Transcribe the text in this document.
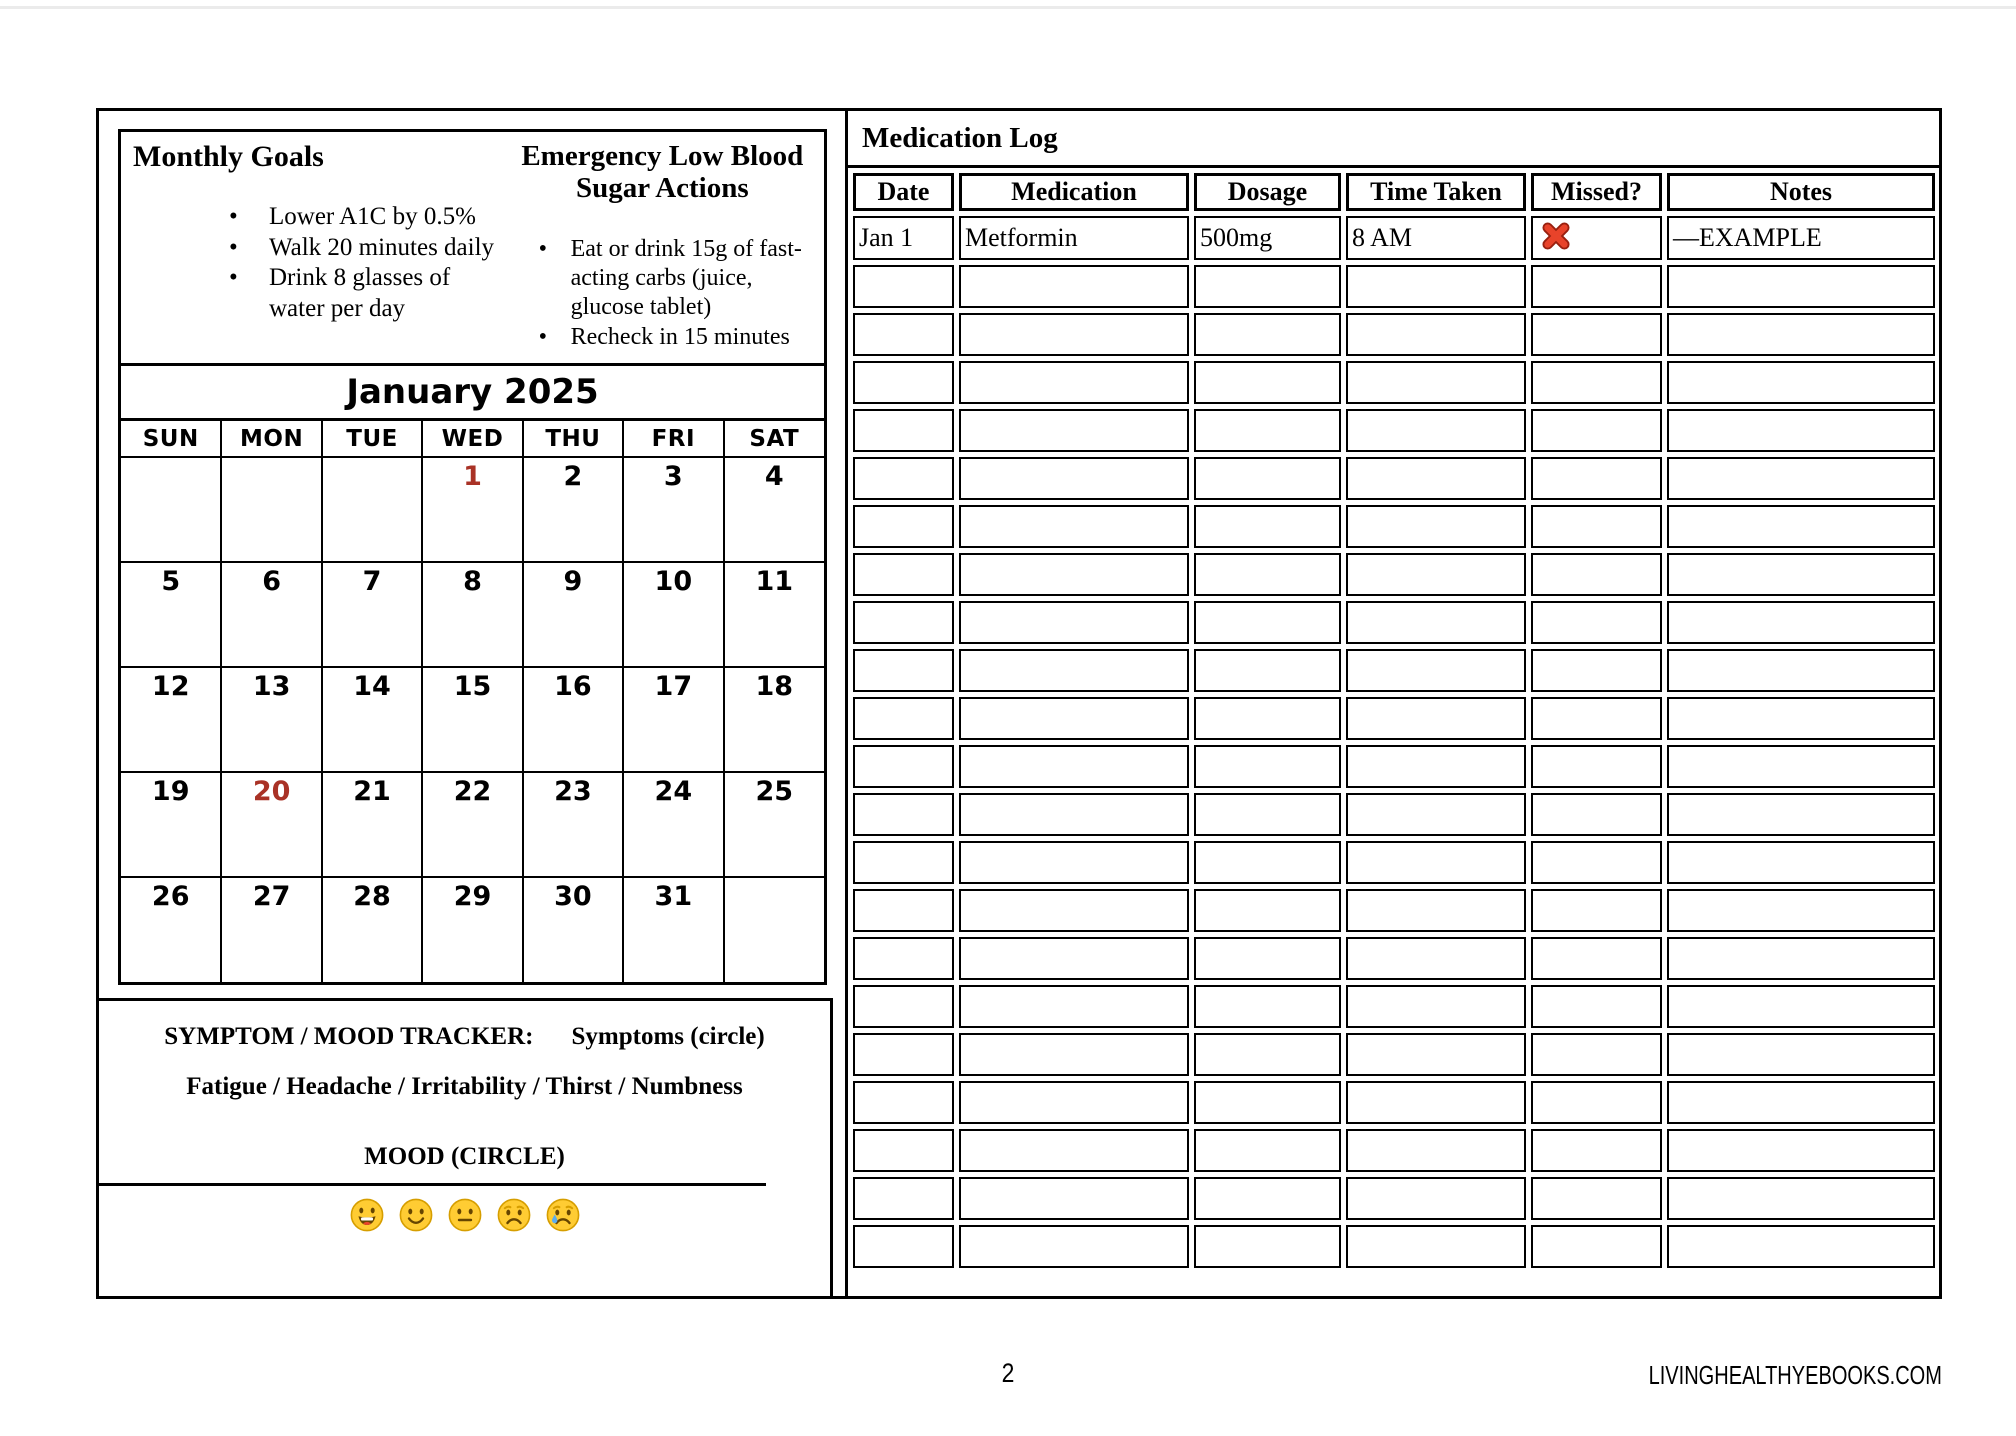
Monthly Goals
• Lower A1C by 0.5%
• Walk 20 minutes daily
• Drink 8 glasses of water per day
Emergency Low Blood Sugar Actions
• Eat or drink 15g of fast-acting carbs (juice, glucose tablet)
• Recheck in 15 minutes
January 2025
SUN	MON	TUE	WED	THU	FRI	SAT
			1	2	3	4
5	6	7	8	9	10	11
12	13	14	15	16	17	18
19	20	21	22	23	24	25
26	27	28	29	30	31	
SYMPTOM / MOOD TRACKER: Symptoms (circle)
Fatigue / Headache / Irritability / Thirst / Numbness
MOOD (CIRCLE)
Medication Log
Date	Medication	Dosage	Time Taken	Missed?	Notes
Jan 1	Metformin	500mg	8 AM		—EXAMPLE

2	LIVINGHEALTHYEBOOKS.COM
